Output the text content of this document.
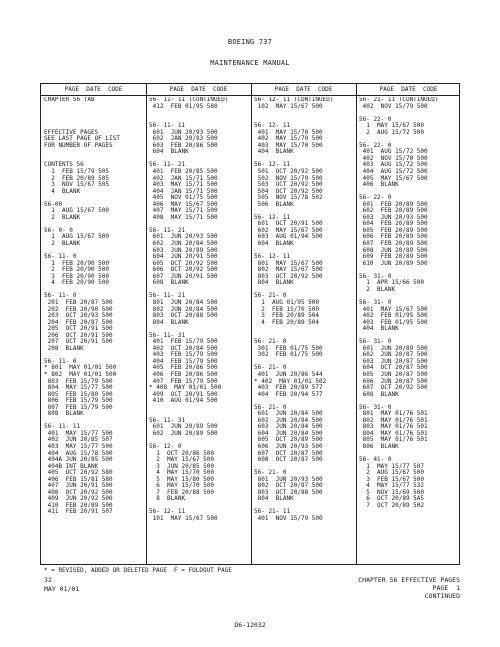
BOEING 737
MAINTENANCE MANUAL
PAGE  DATE  CODE	PAGE  DATE  CODE	PAGE  DATE  CODE	PAGE  DATE  CODE
CHAPTER 56 TAB
EFFECTIVE PAGES
SEE LAST PAGE OF LIST
FOR NUMBER OF PAGES
CONTENTS 56
1  FEB 15/79 505
2  FEB 20/89 505
3  NOV 15/67 505
4  BLANK
56-00
1  AUG 15/67 500
2  BLANK
56- 0- 0
1  AUG 15/67 500
2  BLANK
56- 11- 0
1  FEB 20/90 500
2  FEB 20/90 500
3  FEB 20/90 500
4  FEB 20/90 500
56- 11- 0
201  FEB 20/87 500
202  FEB 20/90 500
203  OCT 20/93 500
204  FEB 20/87 500
205  OCT 20/91 500
206  OCT 20/91 500
207  OCT 20/91 500
208  BLANK
56- 11- 0
* 801  MAY 01/01 500
* 802  MAY 01/01 500
803  FEB 15/79 500
804  MAY 15/77 500
805  FEB 15/80 500
806  FEB 15/79 500
807  FEB 15/79 500
808  BLANK
56- 11- 11
401  MAY 15/77 500
402  JUN 20/85 507
403  MAY 15/77 500
404  AUG 15/78 500
404A JUN 20/85 500
404B INT BLANK
405  OCT 20/92 580
406  FEB 15/81 580
407  JUN 20/91 500
408  OCT 20/92 500
409  JUN 20/92 500
410  FEB 20/89 500
411  FEB 20/91 507
56- 11- 11 (CONTINUED)
412  FEB 01/95 580
56- 11- 11
601  JUN 20/93 500
602  JAN 20/83 500
603  FEB 20/86 500
604  BLANK
56- 11- 21
401  FEB 20/85 500
402  JAN 15/71 500
403  MAY 15/71 500
404  JAN 15/71 500
405  NOV 01/75 500
406  MAY 15/67 500
407  MAY 15/71 500
408  MAY 15/71 500
56- 11- 21
601  JUN 20/93 500
602  JUN 20/84 500
603  JUN 20/89 500
604  JUN 20/91 500
605  OCT 20/92 500
606  OCT 20/92 500
607  JUN 20/91 500
608  BLANK
56- 11- 21
801  JUN 20/84 500
802  JUN 20/84 500
803  OCT 20/88 500
804  BLANK
56- 11- 31
401  FEB 15/79 500
402  OCT 20/84 500
403  FEB 15/79 500
404  FEB 15/79 500
405  FEB 20/86 500
406  FEB 20/86 500
407  FEB 15/79 500
* 408  MAY 01/01 500
409  OCT 20/91 500
410  AUG 01/94 500
56- 11- 31
601  JUN 20/89 500
602  JUN 20/89 500
56- 12- 0
1  OCT 20/86 500
2  MAY 15/67 500
3  JUN 20/85 500
4  MAY 15/70 500
5  MAY 15/80 500
6  MAY 15/70 500
7  FEB 20/88 500
8  BLANK
56- 12- 11
101  MAY 15/67 500
56- 12- 11 (CONTINUED)
102  MAY 15/67 500
56- 12- 11
401  MAY 15/70 500
402  MAY 15/70 500
403  MAY 15/70 500
404  BLANK
56- 12- 11
501  OCT 20/92 500
502  NOV 15/70 500
503  OCT 20/92 500
504  OCT 20/92 500
505  NOV 15/78 502
506  BLANK
56- 12- 11
601  OCT 20/91 500
602  MAY 15/67 500
603  AUG 01/94 500
604  BLANK
56- 12- 11
801  MAY 15/67 500
802  MAY 15/67 500
803  OCT 20/92 500
804  BLANK
56- 21- 0
1  AUG 01/95 500
2  FEB 15/70 500
3  FEB 20/89 504
4  FEB 20/89 504
56- 21- 0
301  FEB 01/75 500
302  FEB 01/75 500
56- 21- 0
401  JUN 20/86 544
* 402  MAY 01/01 502
403  FEB 20/89 577
404  FEB 20/94 577
56- 21- 0
601  JUN 20/84 500
602  JUN 20/84 500
603  JUN 20/84 500
604  JUN 20/84 500
605  OCT 20/89 500
606  JUN 20/93 500
607  OCT 20/87 500
608  OCT 20/87 500
56- 21- 0
801  JUN 20/93 500
802  OCT 20/87 500
803  OCT 20/88 500
804  BLANK
56- 21- 11
401  NOV 15/79 500
56- 21- 11 (CONTINUED)
402  NOV 15/79 500
56- 22- 0
1  MAY 15/67 500
2  AUG 15/72 500
56- 22- 0
401  AUG 15/72 500
402  NOV 15/70 500
403  AUG 15/72 500
404  AUG 15/72 500
405  MAY 15/67 500
406  BLANK
56- 22- 0
601  FEB 20/89 500
602  FEB 20/89 500
603  JUN 20/93 500
604  FEB 20/89 500
605  FEB 20/89 500
606  FEB 20/89 500
607  FEB 20/89 500
608  JUN 20/89 500
609  FEB 20/89 500
610  JUN 20/89 500
56- 31- 0
1  APR 15/66 500
2  BLANK
56- 31- 0
401  MAY 15/67 500
402  FEB 01/95 500
403  FEB 01/95 500
404  BLANK
56- 31- 0
601  JUN 20/89 500
602  JUN 20/87 500
603  JUN 20/87 500
604  OCT 20/87 500
605  JUN 20/87 500
606  JUN 20/87 500
607  OCT 20/92 500
608  BLANK
56- 31- 0
801  MAY 01/76 501
802  MAY 01/76 501
803  MAY 01/76 501
804  MAY 01/76 501
805  MAY 01/76 501
806  BLANK
56- 41- 0
1  MAY 15/77 507
2  AUG 15/67 500
3  FEB 15/67 500
4  MAY 15/77 532
5  NOV 15/69 500
6  OCT 20/89 5A5
7  OCT 20/89 502
* = REVISED, ADDED OR DELETED PAGE  F = FOLDOUT PAGE
32
MAY 01/01
CHAPTER 56 EFFECTIVE PAGES
PAGE  1
CONTINUED
D6-12032
